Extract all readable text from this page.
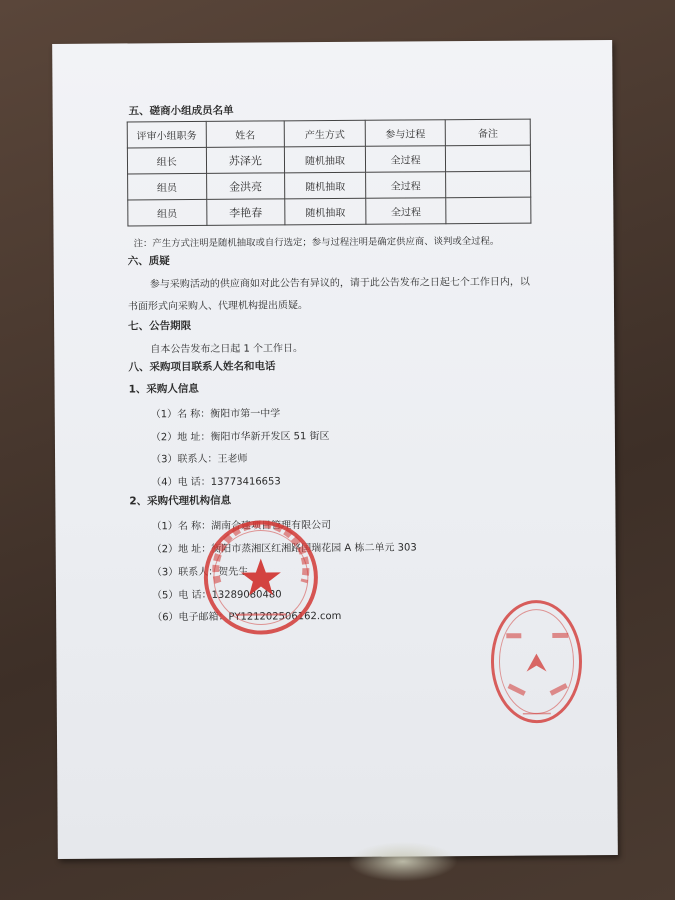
五、磋商小组成员名单
评审小组职务	姓名	产生方式	参与过程	备注
组长	苏泽光	随机抽取	全过程	
组员	金洪亮	随机抽取	全过程	
组员	李艳春	随机抽取	全过程	
注：产生方式注明是随机抽取或自行选定；参与过程注明是确定供应商、谈判或全过程。
六、质疑
参与采购活动的供应商如对此公告有异议的，请于此公告发布之日起七个工作日内，以
书面形式向采购人、代理机构提出质疑。
七、公告期限
自本公告发布之日起 1 个工作日。
八、采购项目联系人姓名和电话
1、采购人信息
（1）名 称：衡阳市第一中学
（2）地 址：衡阳市华新开发区 51 街区
（3）联系人：王老师
（4）电 话：13773416653
2、采购代理机构信息
（1）名 称：湖南合建项目管理有限公司
（2）地 址：衡阳市蒸湘区红湘路国瑞花园 A 栋二单元 303
（3）联系人：贺先生
（5）电 话：13289080480
（6）电子邮箱：PY121202506162.com
